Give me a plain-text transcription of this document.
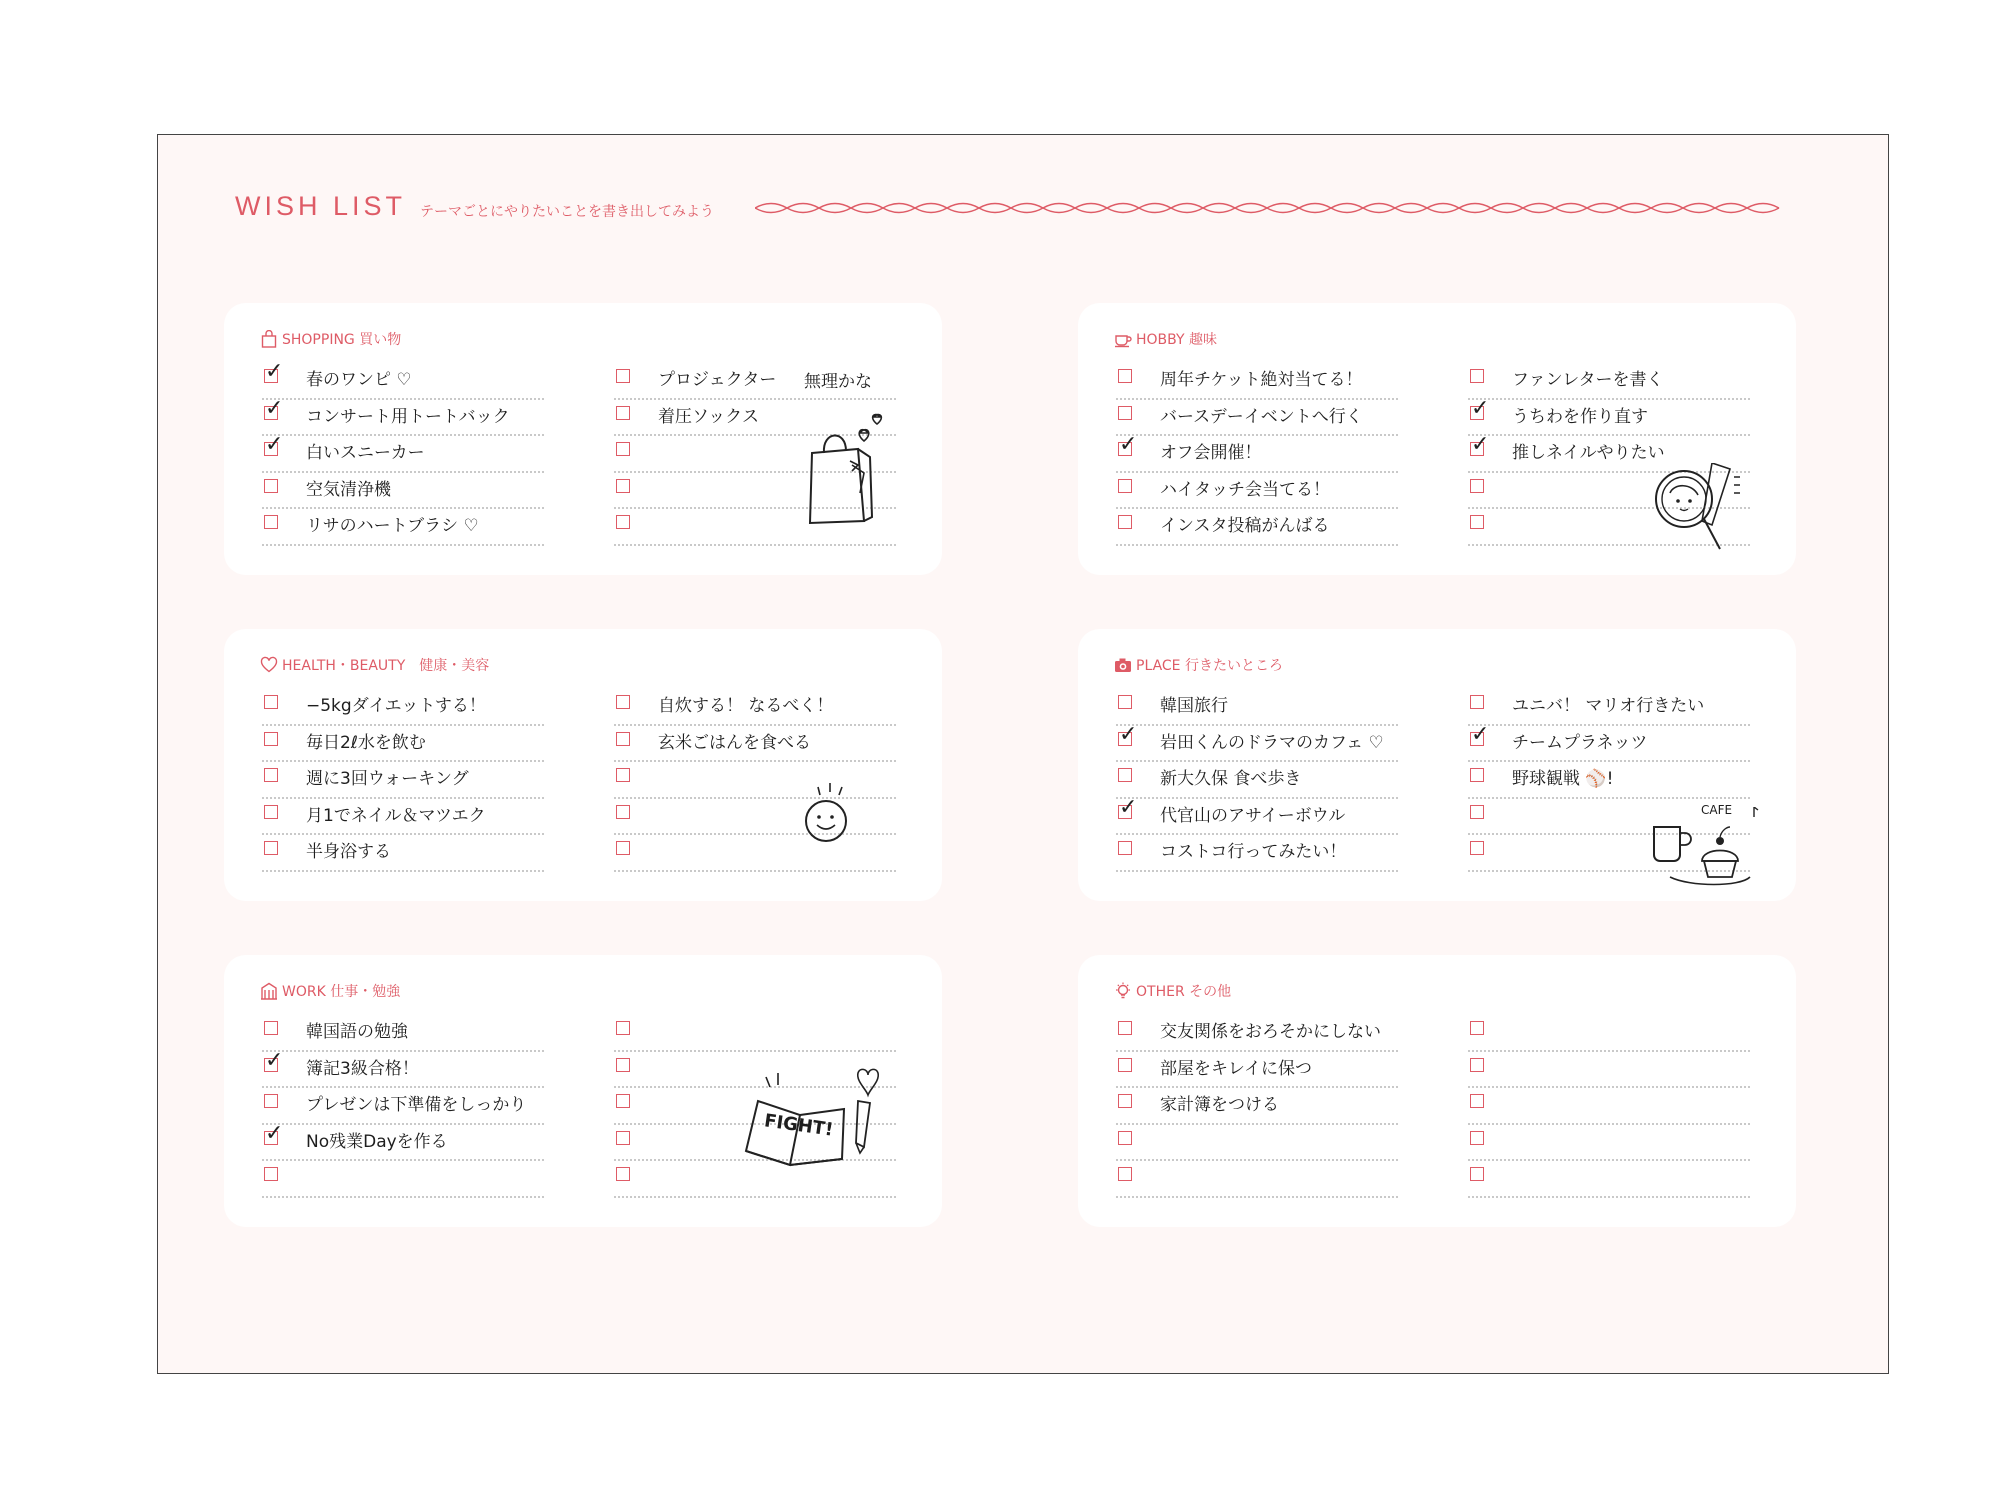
WISH LIST テーマごとにやりたいことを書き出してみよう
SHOPPING 買い物
✓ 春のワンピ ♡
✓ コンサート用トートバック
✓ 白いスニーカー
空気清浄機
リサのハートブラシ ♡
プロジェクター
着圧ソックス
無理かな
HOBBY 趣味
周年チケット絶対当てる！
バースデーイベントへ行く
✓ オフ会開催！
ハイタッチ会当てる！
インスタ投稿がんばる
ファンレターを書く
✓ うちわを作り直す
✓ 推しネイルやりたい
HEALTH・BEAUTY　健康・美容
−5kgダイエットする！
毎日2ℓ水を飲む
週に3回ウォーキング
月1でネイル＆マツエク
半身浴する
自炊する！ なるべく！
玄米ごはんを食べる
PLACE 行きたいところ
韓国旅行
✓ 岩田くんのドラマのカフェ ♡
新大久保 食べ歩き
✓ 代官山のアサイーボウル
コストコ行ってみたい！
ユニバ！ マリオ行きたい
✓ チームプラネッツ
野球観戦 ⚾!
CAFE
WORK 仕事・勉強
韓国語の勉強
✓ 簿記3級合格！
プレゼンは下準備をしっかり
✓ No残業Dayを作る
FIGHT!
OTHER その他
交友関係をおろそかにしない
部屋をキレイに保つ
家計簿をつける
